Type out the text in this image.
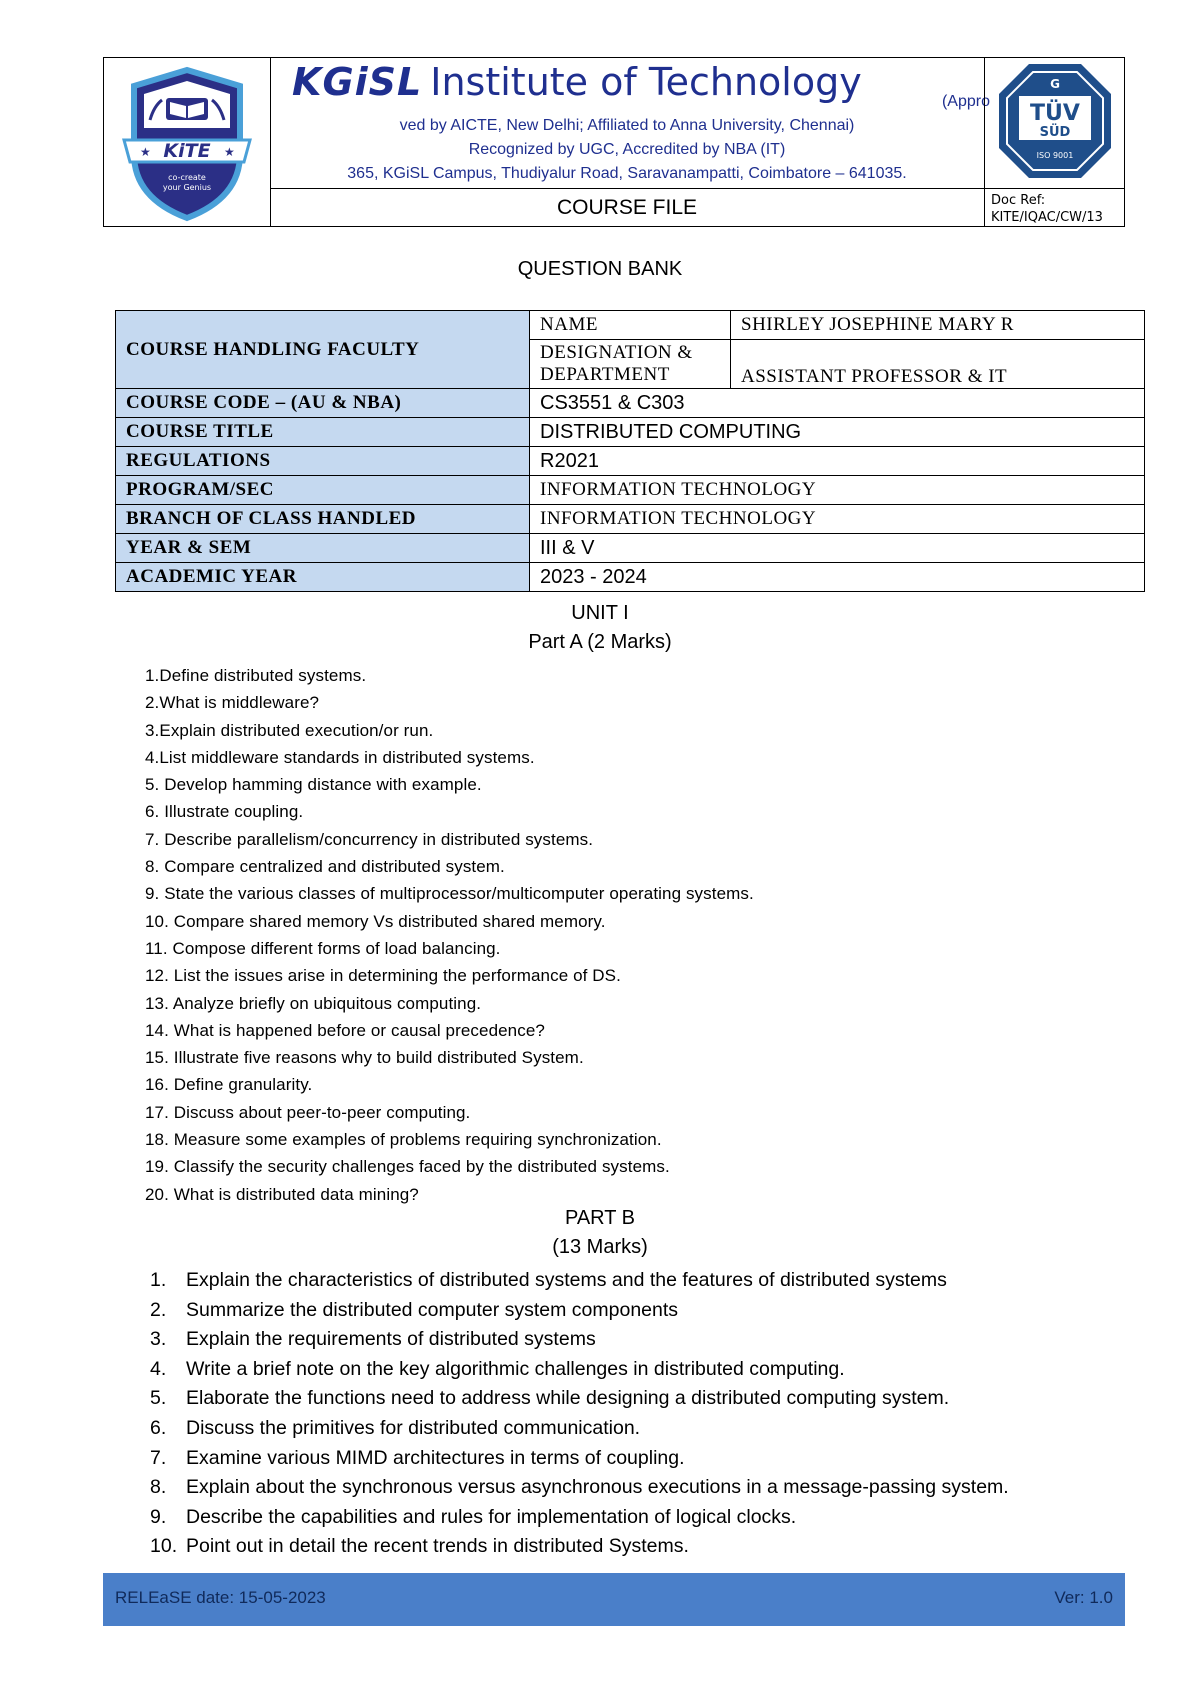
KiTE
★	★
co-create
your Genius
KGiSL Institute of Technology	(Appro
ved by AICTE, New Delhi; Affiliated to Anna University, Chennai)
Recognized by UGC, Accredited by NBA (IT)
365, KGiSL Campus, Thudiyalur Road, Saravanampatti, Coimbatore – 641035.
G
TÜV
SÜD
ISO 9001
COURSE FILE	Doc Ref:
KITE/IQAC/CW/13
QUESTION BANK
COURSE HANDLING FACULTY	NAME	SHIRLEY JOSEPHINE MARY R

	DESIGNATION &
DEPARTMENT	ASSISTANT PROFESSOR & IT
COURSE CODE – (AU & NBA)	CS3551 & C303	
COURSE TITLE	DISTRIBUTED COMPUTING	
REGULATIONS	R2021	
PROGRAM/SEC	INFORMATION TECHNOLOGY	
BRANCH OF CLASS HANDLED	INFORMATION TECHNOLOGY	
YEAR & SEM	III & V	
ACADEMIC YEAR	2023 - 2024	
UNIT I
Part A (2 Marks)
1.Define distributed systems.
2.What is middleware?
3.Explain distributed execution/or run.
4.List middleware standards in distributed systems.
5. Develop hamming distance with example.
6. Illustrate coupling.
7. Describe parallelism/concurrency in distributed systems.
8. Compare centralized and distributed system.
9. State the various classes of multiprocessor/multicomputer operating systems.
10. Compare shared memory Vs distributed shared memory.
11. Compose different forms of load balancing.
12. List the issues arise in determining the performance of DS.
13. Analyze briefly on ubiquitous computing.
14. What is happened before or causal precedence?
15. Illustrate five reasons why to build distributed System.
16. Define granularity.
17. Discuss about peer-to-peer computing.
18. Measure some examples of problems requiring synchronization.
19. Classify the security challenges faced by the distributed systems.
20. What is distributed data mining?
PART B
(13 Marks)
1. Explain the characteristics of distributed systems and the features of distributed systems
2. Summarize the distributed computer system components
3. Explain the requirements of distributed systems
4. Write a brief note on the key algorithmic challenges in distributed computing.
5. Elaborate the functions need to address while designing a distributed computing system.
6. Discuss the primitives for distributed communication.
7. Examine various MIMD architectures in terms of coupling.
8. Explain about the synchronous versus asynchronous executions in a message-passing system.
9. Describe the capabilities and rules for implementation of logical clocks.
10. Point out in detail the recent trends in distributed Systems.
RELEaSE date: 15-05-2023	Ver: 1.0
